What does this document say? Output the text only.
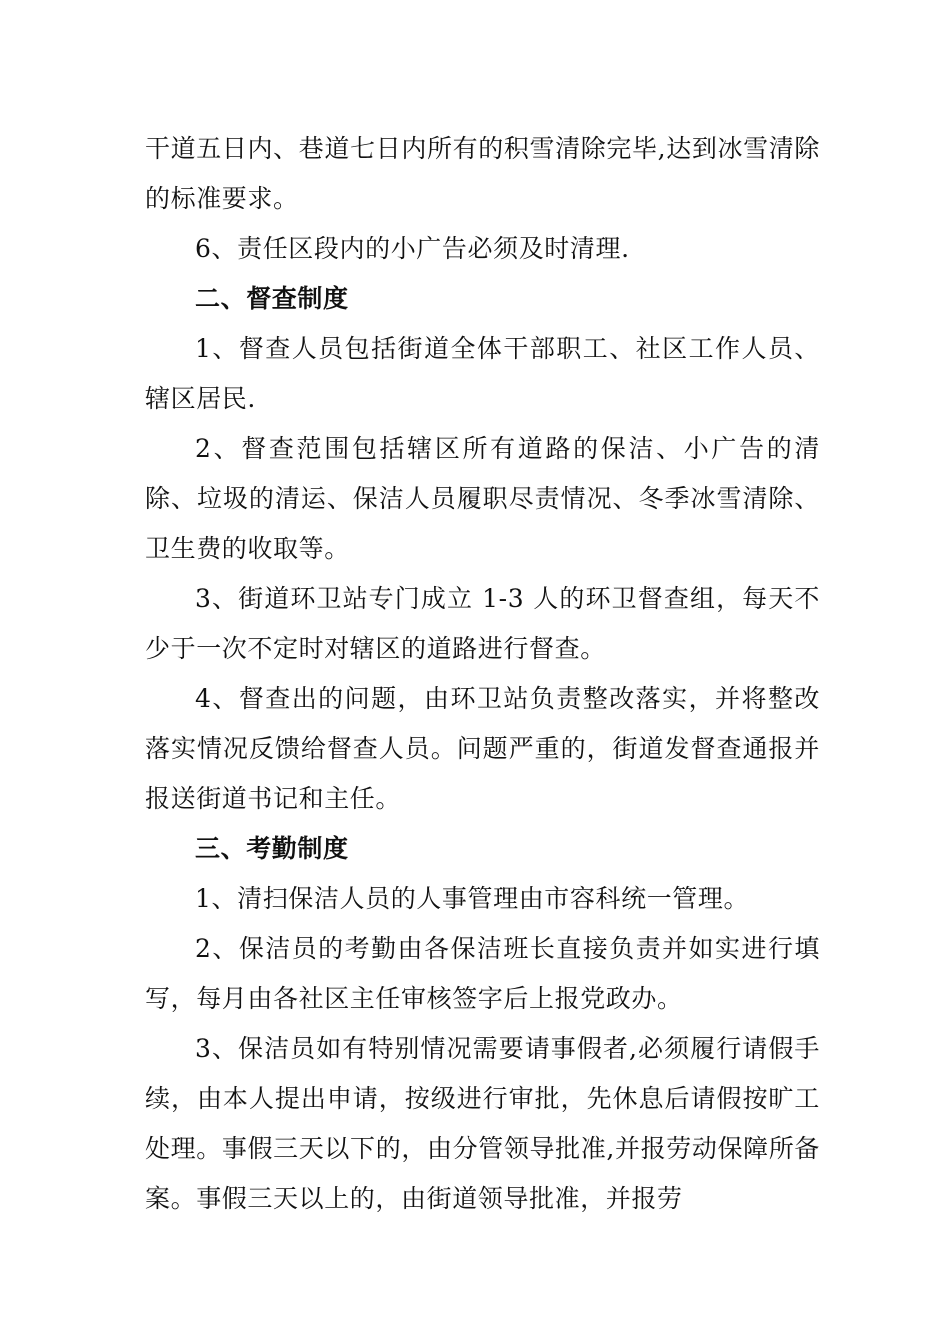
干道五日内、巷道七日内所有的积雪清除完毕,达到冰雪清除的标准要求。

6、责任区段内的小广告必须及时清理.

二、督查制度

1、督查人员包括街道全体干部职工、社区工作人员、辖区居民.

2、督查范围包括辖区所有道路的保洁、小广告的清除、垃圾的清运、保洁人员履职尽责情况、冬季冰雪清除、卫生费的收取等。

3、街道环卫站专门成立 1-3 人的环卫督查组，每天不少于一次不定时对辖区的道路进行督查。

4、督查出的问题，由环卫站负责整改落实，并将整改落实情况反馈给督查人员。问题严重的，街道发督查通报并报送街道书记和主任。

三、考勤制度

1、清扫保洁人员的人事管理由市容科统一管理。

2、保洁员的考勤由各保洁班长直接负责并如实进行填写，每月由各社区主任审核签字后上报党政办。

3、保洁员如有特别情况需要请事假者,必须履行请假手续，由本人提出申请，按级进行审批，先休息后请假按旷工处理。事假三天以下的，由分管领导批准,并报劳动保障所备案。事假三天以上的，由街道领导批准，并报劳
